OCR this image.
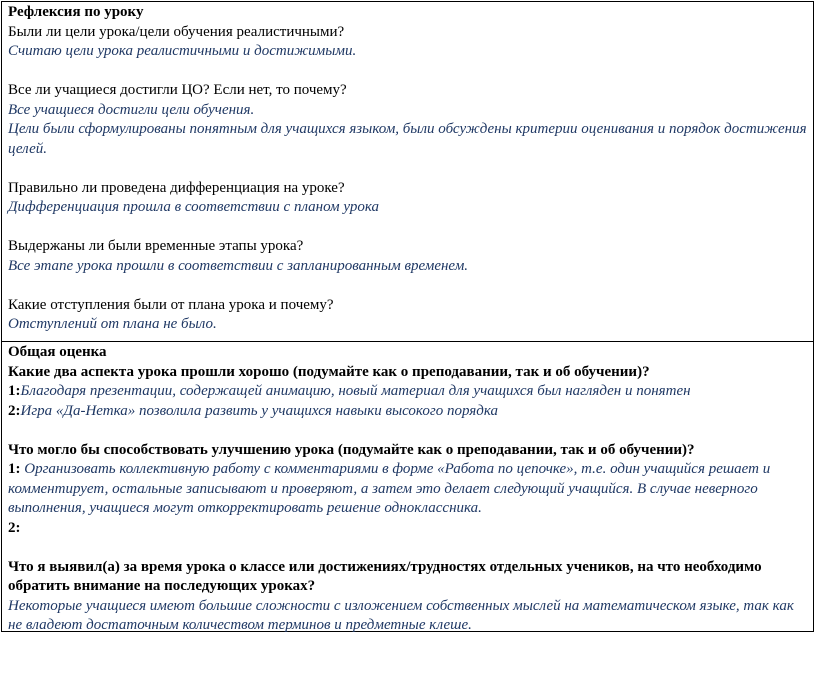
Рефлексия по уроку
Были ли цели урока/цели обучения реалистичными?
Считаю цели урока реалистичными и достижимыми.
Все ли учащиеся достигли ЦО? Если нет, то почему?
Все учащиеся достигли цели обучения.
Цели были сформулированы понятным для учащихся языком, были обсуждены критерии оценивания и порядок достижения целей.
Правильно ли проведена дифференциация на уроке?
Дифференциация прошла в соответствии с планом урока
Выдержаны ли были временные этапы урока?
Все этапе урока прошли в соответствии с запланированным временем.
Какие отступления были от плана урока и почему?
Отступлений от плана не было.
Общая оценка
Какие два аспекта урока прошли хорошо (подумайте как о преподавании, так и об обучении)?
1:Благодаря презентации, содержащей анимацию, новый материал для учащихся был нагляден и понятен
2:Игра «Да-Нетка» позволила развить у учащихся навыки высокого порядка
Что могло бы способствовать улучшению урока (подумайте как о преподавании, так и об обучении)?
1: Организовать коллективную работу с комментариями в форме «Работа по цепочке», т.е. один учащийся решает и комментирует, остальные записывают и проверяют, а затем это делает следующий учащийся. В случае неверного выполнения, учащиеся могут откорректировать решение одноклассника.
2:
Что я выявил(а) за время урока о классе или достижениях/трудностях отдельных учеников, на что необходимо обратить внимание на последующих уроках?
Некоторые учащиеся имеют большие сложности с изложением собственных мыслей на математическом языке, так как не владеют достаточным количеством терминов и предметные клеше.
